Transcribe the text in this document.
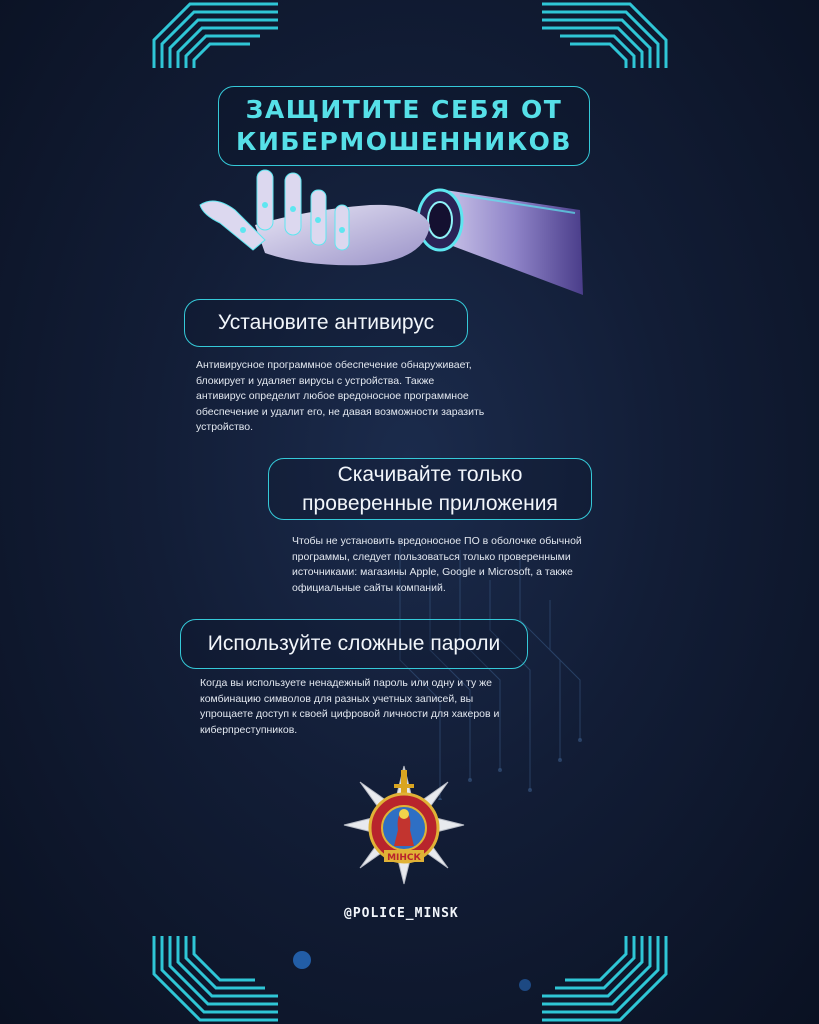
ЗАЩИТИТЕ СЕБЯ ОТ
КИБЕРМОШЕННИКОВ
Установите антивирус
Антивирусное программное обеспечение обнаруживает, блокирует и удаляет вирусы с устройства. Также антивирус определит любое вредоносное программное обеспечение и удалит его, не давая возможности заразить устройство.
Скачивайте только
проверенные приложения
Чтобы не установить вредоносное ПО в оболочке обычной программы, следует пользоваться только проверенными источниками: магазины Apple, Google и Microsoft, а также официальные сайты компаний.
Используйте сложные пароли
Когда вы используете ненадежный пароль или одну и ту же комбинацию символов для разных учетных записей, вы упрощаете доступ к своей цифровой личности для хакеров и киберпреступников.
МІНСК
@POLICE_MINSK
